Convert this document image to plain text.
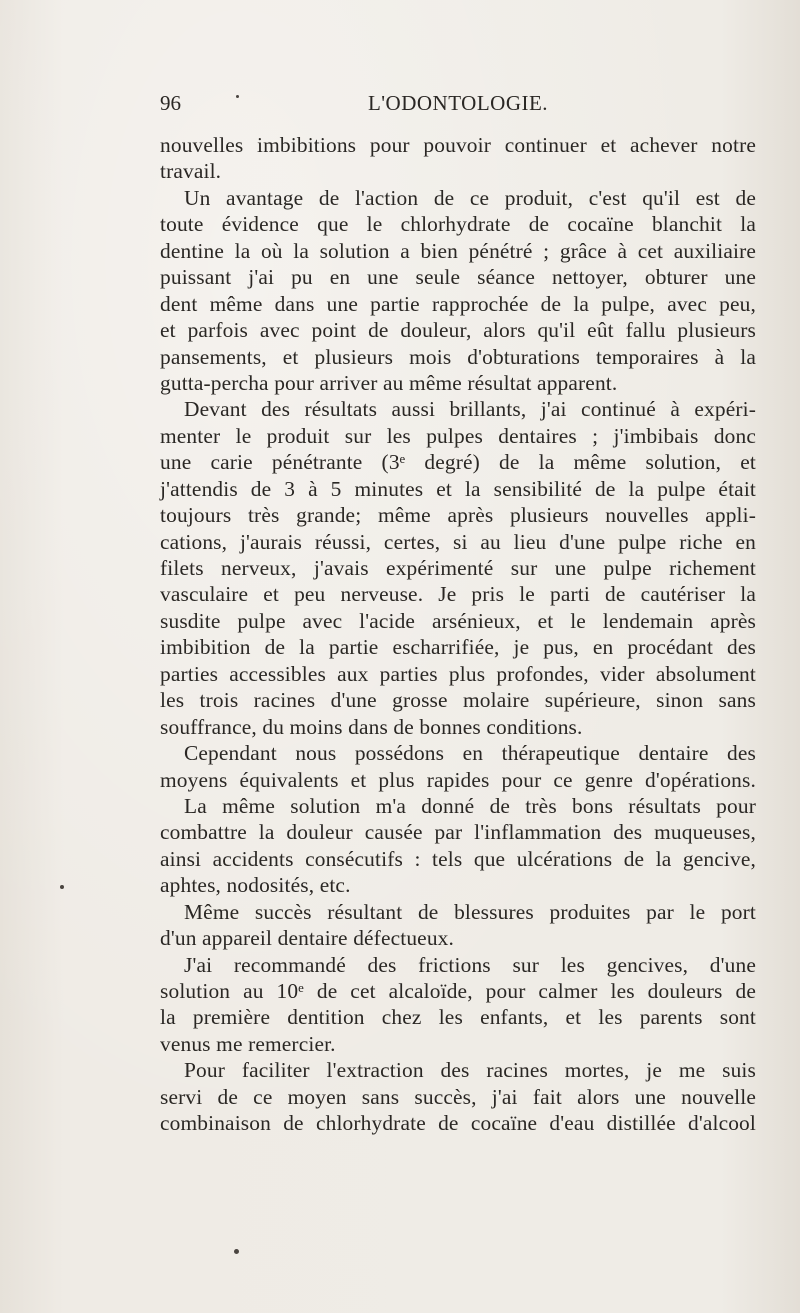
96	L'ODONTOLOGIE.
nouvelles imbibitions pour pouvoir continuer et achever notre
travail.
Un avantage de l'action de ce produit, c'est qu'il est de
toute évidence que le chlorhydrate de cocaïne blanchit la
dentine la où la solution a bien pénétré ; grâce à cet auxiliaire
puissant j'ai pu en une seule séance nettoyer, obturer une
dent même dans une partie rapprochée de la pulpe, avec peu,
et parfois avec point de douleur, alors qu'il eût fallu plusieurs
pansements, et plusieurs mois d'obturations temporaires à la
gutta-percha pour arriver au même résultat apparent.
Devant des résultats aussi brillants, j'ai continué à expéri-
menter le produit sur les pulpes dentaires ; j'imbibais donc
une carie pénétrante (3ᵉ degré) de la même solution, et
j'attendis de 3 à 5 minutes et la sensibilité de la pulpe était
toujours très grande; même après plusieurs nouvelles appli-
cations, j'aurais réussi, certes, si au lieu d'une pulpe riche en
filets nerveux, j'avais expérimenté sur une pulpe richement
vasculaire et peu nerveuse. Je pris le parti de cautériser la
susdite pulpe avec l'acide arsénieux, et le lendemain après
imbibition de la partie escharrifiée, je pus, en procédant des
parties accessibles aux parties plus profondes, vider absolument
les trois racines d'une grosse molaire supérieure, sinon sans
souffrance, du moins dans de bonnes conditions.
Cependant nous possédons en thérapeutique dentaire des
moyens équivalents et plus rapides pour ce genre d'opérations.
La même solution m'a donné de très bons résultats pour
combattre la douleur causée par l'inflammation des muqueuses,
ainsi accidents consécutifs : tels que ulcérations de la gencive,
aphtes, nodosités, etc.
Même succès résultant de blessures produites par le port
d'un appareil dentaire défectueux.
J'ai recommandé des frictions sur les gencives, d'une
solution au 10ᵉ de cet alcaloïde, pour calmer les douleurs de
la première dentition chez les enfants, et les parents sont
venus me remercier.
Pour faciliter l'extraction des racines mortes, je me suis
servi de ce moyen sans succès, j'ai fait alors une nouvelle
combinaison de chlorhydrate de cocaïne d'eau distillée d'alcool
